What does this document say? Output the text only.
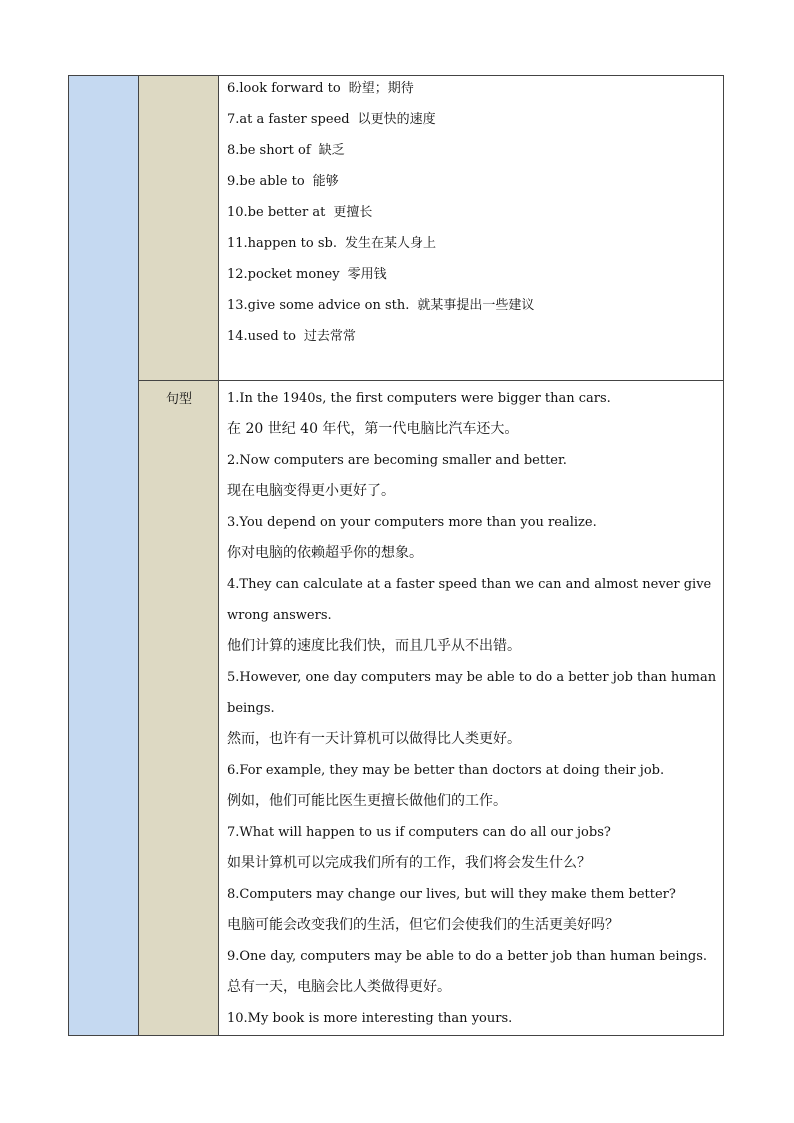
6.look forward to 盼望；期待
7.at a faster speed 以更快的速度
8.be short of 缺乏
9.be able to 能够
10.be better at 更擅长
11.happen to sb. 发生在某人身上
12.pocket money 零用钱
13.give some advice on sth. 就某事提出一些建议
14.used to 过去常常
句型	1.In the 1940s, the first computers were bigger than cars.
在 20 世纪 40 年代，第一代电脑比汽车还大。
2.Now computers are becoming smaller and better.
现在电脑变得更小更好了。
3.You depend on your computers more than you realize.
你对电脑的依赖超乎你的想象。
4.They can calculate at a faster speed than we can and almost never give
wrong answers.
他们计算的速度比我们快，而且几乎从不出错。
5.However, one day computers may be able to do a better job than human
beings.
然而，也许有一天计算机可以做得比人类更好。
6.For example, they may be better than doctors at doing their job.
例如，他们可能比医生更擅长做他们的工作。
7.What will happen to us if computers can do all our jobs?
如果计算机可以完成我们所有的工作，我们将会发生什么？
8.Computers may change our lives, but will they make them better?
电脑可能会改变我们的生活，但它们会使我们的生活更美好吗？
9.One day, computers may be able to do a better job than human beings.
总有一天，电脑会比人类做得更好。
10.My book is more interesting than yours.
